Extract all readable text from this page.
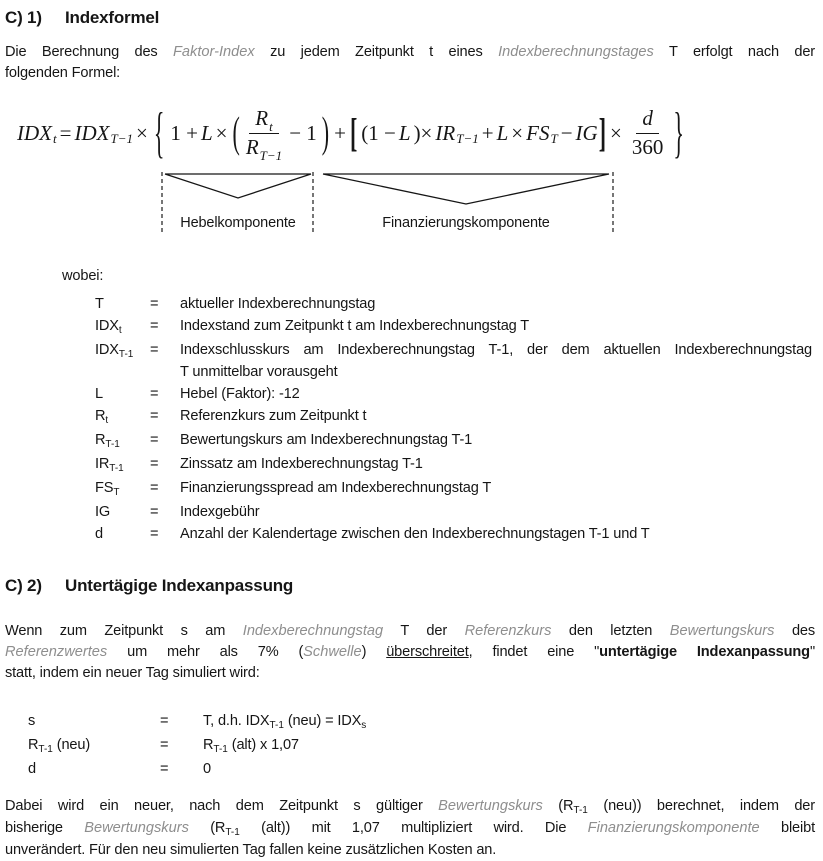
C) 1) Indexformel
Die Berechnung des Faktor-Index zu jedem Zeitpunkt t eines Indexberechnungstages T erfolgt nach der
folgenden Formel:
IDX t = IDX T−1 × { 1 + L × ( $\frac{R_t}{R_{T-1}} - 1$ ) + [ (1 − L )× IR T−1 + L × FS T − IG ] × $\frac{d}{360}$ }
Hebelkomponente	Finanzierungskomponente
wobei:
T	=	aktueller Indexberechnungstag
$IDX_t$	=	Indexstand zum Zeitpunkt t am Indexberechnungstag T
$IDX_{T-1}$	=	Indexschlusskurs am Indexberechnungstag T-1, der dem aktuellen Indexberechnungstag
T unmittelbar vorausgeht
L	=	Hebel (Faktor): -12
$R_t$	=	Referenzkurs zum Zeitpunkt t
$R_{T-1}$	=	Bewertungskurs am Indexberechnungstag T-1
$IR_{T-1}$	=	Zinssatz am Indexberechnungstag T-1
$FS_T$	=	Finanzierungsspread am Indexberechnungstag T
IG	=	Indexgebühr
d	=	Anzahl der Kalendertage zwischen den Indexberechnungstagen T-1 und T
C) 2) Untertägige Indexanpassung
Wenn zum Zeitpunkt s am Indexberechnungstag T der Referenzkurs den letzten Bewertungskurs des
Referenzwertes um mehr als 7% (Schwelle) überschreitet, findet eine "untertägige Indexanpassung"
statt, indem ein neuer Tag simuliert wird:
s	=	T, d.h. $IDX_{T-1}$ $(neu) = IDX_s$
$R_{T-1}$ (neu)	=	$R_{T-1}$ (alt) x 1,07
d	=	0
Dabei wird ein neuer, nach dem Zeitpunkt s gültiger Bewertungskurs ($R_{T-1}$ (neu)) berechnet, indem der
bisherige Bewertungskurs ($R_{T-1}$ (alt)) mit 1,07 multipliziert wird. Die Finanzierungskomponente bleibt
unverändert. Für den neu simulierten Tag fallen keine zusätzlichen Kosten an.
